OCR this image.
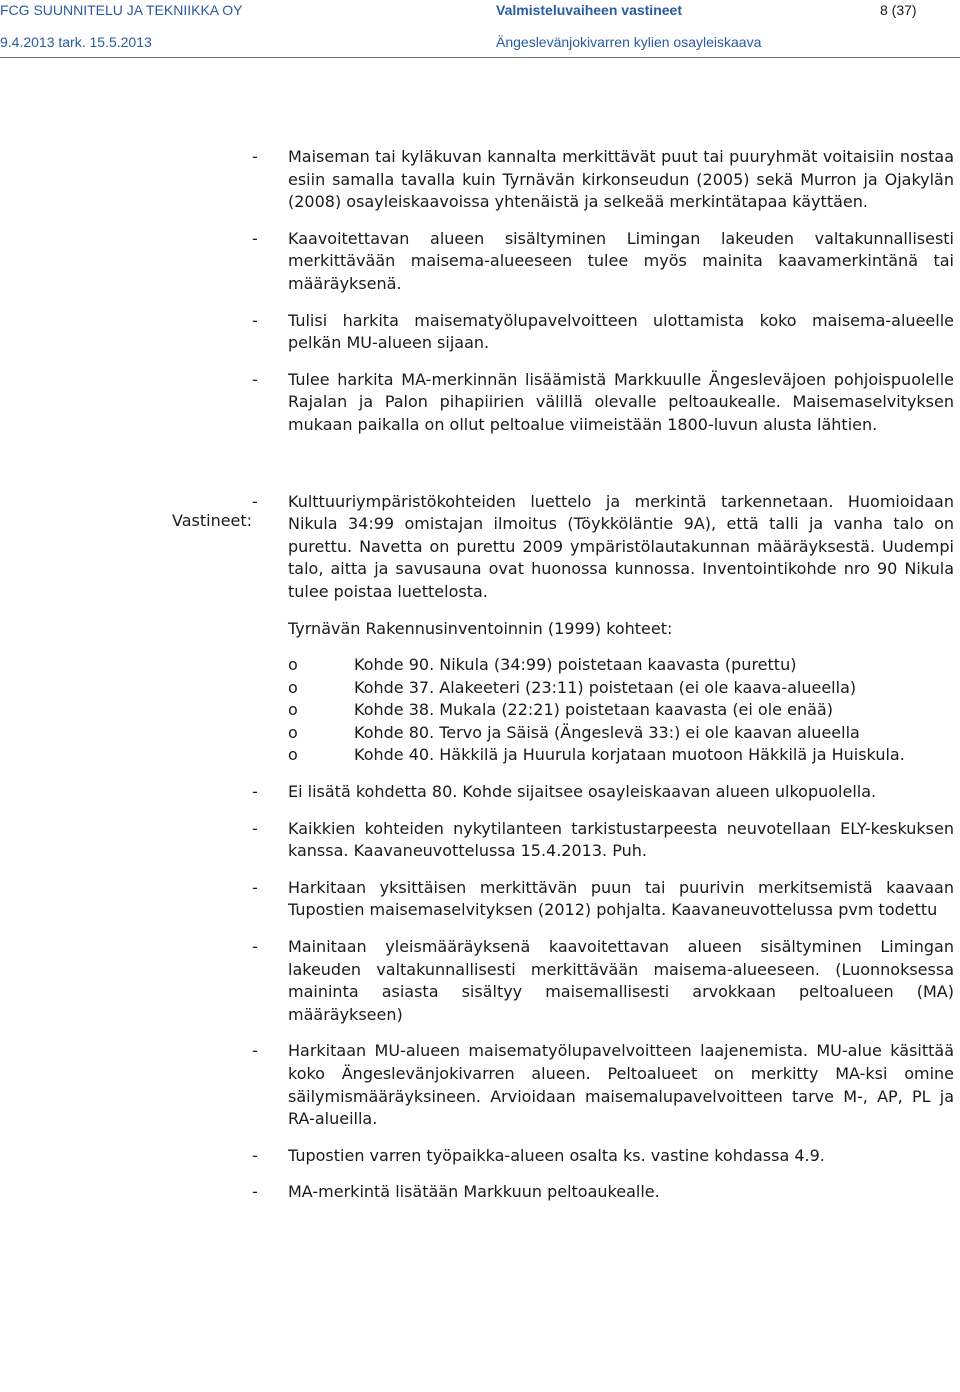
FCG SUUNNITELU JA TEKNIIKKA OY	Valmisteluvaiheen vastineet	8 (37)
9.4.2013 tark. 15.5.2013	Ängeslevänjokivarren kylien osayleiskaava
Vastineet:
- Maiseman tai kyläkuvan kannalta merkittävät puut tai puuryhmät voitaisiin nostaa esiin samalla tavalla kuin Tyrnävän kirkonseudun (2005) sekä Murron ja Ojakylän (2008) osayleiskaavoissa yhtenäistä ja selkeää merkintätapaa käyttäen.
- Kaavoitettavan alueen sisältyminen Limingan lakeuden valtakunnallisesti merkittävään maisema-alueeseen tulee myös mainita kaavamerkintänä tai määräyksenä.
- Tulisi harkita maisematyölupavelvoitteen ulottamista koko maisema-alueelle pelkän MU-alueen sijaan.
- Tulee harkita MA-merkinnän lisäämistä Markkuulle Ängesleväjoen pohjoispuolelle Rajalan ja Palon pihapiirien välillä olevalle peltoaukealle. Maisemaselvityksen mukaan paikalla on ollut peltoalue viimeistään 1800-luvun alusta lähtien.
- Kulttuuriympäristökohteiden luettelo ja merkintä tarkennetaan. Huomioidaan Nikula 34:99 omistajan ilmoitus (Töykköläntie 9A), että talli ja vanha talo on purettu. Navetta on purettu 2009 ympäristölautakunnan määräyksestä. Uudempi talo, aitta ja savusauna ovat huonossa kunnossa. Inventointikohde nro 90 Nikula tulee poistaa luettelosta.

Tyrnävän Rakennusinventoinnin (1999) kohteet:

o	Kohde 90. Nikula (34:99) poistetaan kaavasta (purettu)
o	Kohde 37. Alakeeteri (23:11) poistetaan (ei ole kaava-alueella)
o	Kohde 38. Mukala (22:21) poistetaan kaavasta (ei ole enää)
o	Kohde 80. Tervo ja Säisä (Ängeslevä 33:) ei ole kaavan alueella
o	Kohde 40. Häkkilä ja Huurula korjataan muotoon Häkkilä ja Huiskula.
- Ei lisätä kohdetta 80. Kohde sijaitsee osayleiskaavan alueen ulkopuolella.
- Kaikkien kohteiden nykytilanteen tarkistustarpeesta neuvotellaan ELY-keskuksen kanssa. Kaavaneuvottelussa 15.4.2013. Puh.
- Harkitaan yksittäisen merkittävän puun tai puurivin merkitsemistä kaavaan Tupostien maisemaselvityksen (2012) pohjalta. Kaavaneuvottelussa pvm todettu
- Mainitaan yleismääräyksenä kaavoitettavan alueen sisältyminen Limingan lakeuden valtakunnallisesti merkittävään maisema-alueeseen. (Luonnoksessa maininta asiasta sisältyy maisemallisesti arvokkaan peltoalueen (MA) määräykseen)
- Harkitaan MU-alueen maisematyölupavelvoitteen laajenemista. MU-alue käsittää koko Ängeslevänjokivarren alueen. Peltoalueet on merkitty MA-ksi omine säilymismääräyksineen. Arvioidaan maisemalupavelvoitteen tarve M-, AP, PL ja RA-alueilla.
- Tupostien varren työpaikka-alueen osalta ks. vastine kohdassa 4.9.
- MA-merkintä lisätään Markkuun peltoaukealle.
